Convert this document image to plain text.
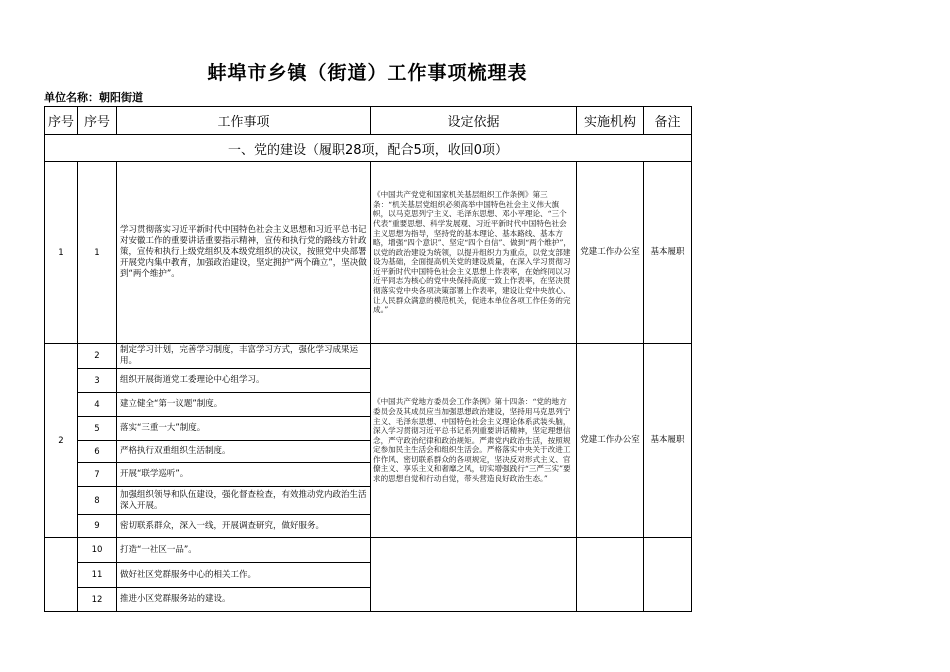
蚌埠市乡镇（街道）工作事项梳理表
单位名称：朝阳街道
序号	序号	工作事项	设定依据	实施机构	备注
一、党的建设（履职28项，配合5项，收回0项）					
1	1	学习贯彻落实习近平新时代中国特色社会主义思想和习近平总书记对安徽工作的重要讲话重要指示精神，宣传和执行党的路线方针政策，宣传和执行上级党组织及本级党组织的决议，按照党中央部署开展党内集中教育，加强政治建设，坚定拥护“两个确立”，坚决做到“两个维护”。	《中国共产党党和国家机关基层组织工作条例》第三条：“机关基层党组织必须高举中国特色社会主义伟大旗帜，以马克思列宁主义、毛泽东思想、邓小平理论、“三个代表”重要思想、科学发展观、习近平新时代中国特色社会主义思想为指导，坚持党的基本理论、基本路线、基本方略，增强“四个意识”、坚定“四个自信”、做到“两个维护”，以党的政治建设为统领，以提升组织力为重点，以党支部建设为基础，全面提高机关党的建设质量，在深入学习贯彻习近平新时代中国特色社会主义思想上作表率，在始终同以习近平同志为核心的党中央保持高度一致上作表率，在坚决贯彻落实党中央各项决策部署上作表率，建设让党中央放心、让人民群众满意的模范机关，促进本单位各项工作任务的完成。”	党建工作办公室	基本履职
2	2	制定学习计划，完善学习制度，丰富学习方式，强化学习成果运用。	《中国共产党地方委员会工作条例》第十四条：“党的地方委员会及其成员应当加强思想政治建设，坚持用马克思列宁主义、毛泽东思想、中国特色社会主义理论体系武装头脑，深入学习贯彻习近平总书记系列重要讲话精神，坚定理想信念，严守政治纪律和政治规矩。严肃党内政治生活，按照规定参加民主生活会和组织生活会。严格落实中央关于改进工作作风、密切联系群众的各项规定，坚决反对形式主义、官僚主义、享乐主义和奢靡之风，切实增强践行“三严三实”要求的思想自觉和行动自觉，带头营造良好政治生态。”	党建工作办公室	基本履职
	3	组织开展街道党工委理论中心组学习。			
	4	建立健全“第一议题”制度。			
	5	落实“三重一大”制度。			
	6	严格执行双重组织生活制度。			
	7	开展“联学巡听”。			
	8	加强组织领导和队伍建设，强化督查检查，有效推动党内政治生活深入开展。			
	9	密切联系群众，深入一线，开展调查研究，做好服务。			
	10	打造“一社区一品”。			
	11	做好社区党群服务中心的相关工作。			
	12	推进小区党群服务站的建设。			
